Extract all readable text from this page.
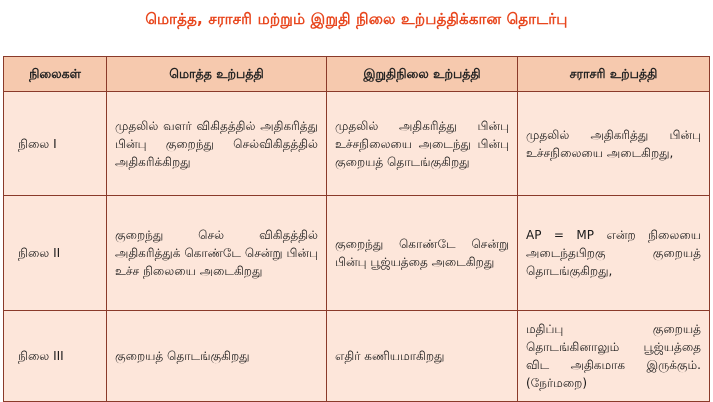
மொத்த, சராசரி மற்றும் இறுதி நிலை உற்பத்திக்கான தொடர்பு
நிலைகள்	மொத்த உற்பத்தி	இறுதிநிலை உற்பத்தி	சராசரி உற்பத்தி
நிலை I	முதலில் வளர் விகிதத்தில் அதிகரித்து பின்பு குறைந்து செல்விகிதத்தில் அதிகரிக்கிறது	முதலில் அதிகரித்து பின்பு உச்சநிலையை அடைந்து பின்பு குறையத் தொடங்குகிறது	முதலில் அதிகரித்து பின்பு உச்சநிலையை அடைகிறது,
நிலை II	குறைந்து செல் விகிதத்தில் அதிகரித்துக் கொண்டே சென்று பின்பு உச்ச நிலையை அடைகிறது	குறைந்து கொண்டே சென்று பின்பு பூஜ்யத்தை அடைகிறது	AP = MP என்ற நிலையை அடைந்தபிறகு குறையத் தொடங்குகிறது,
நிலை III	குறையத் தொடங்குகிறது	எதிர் கணியமாகிறது	மதிப்பு குறையத் தொடங்கினாலும் பூஜ்யத்தை விட அதிகமாக இருக்கும். (நேர்மறை)
